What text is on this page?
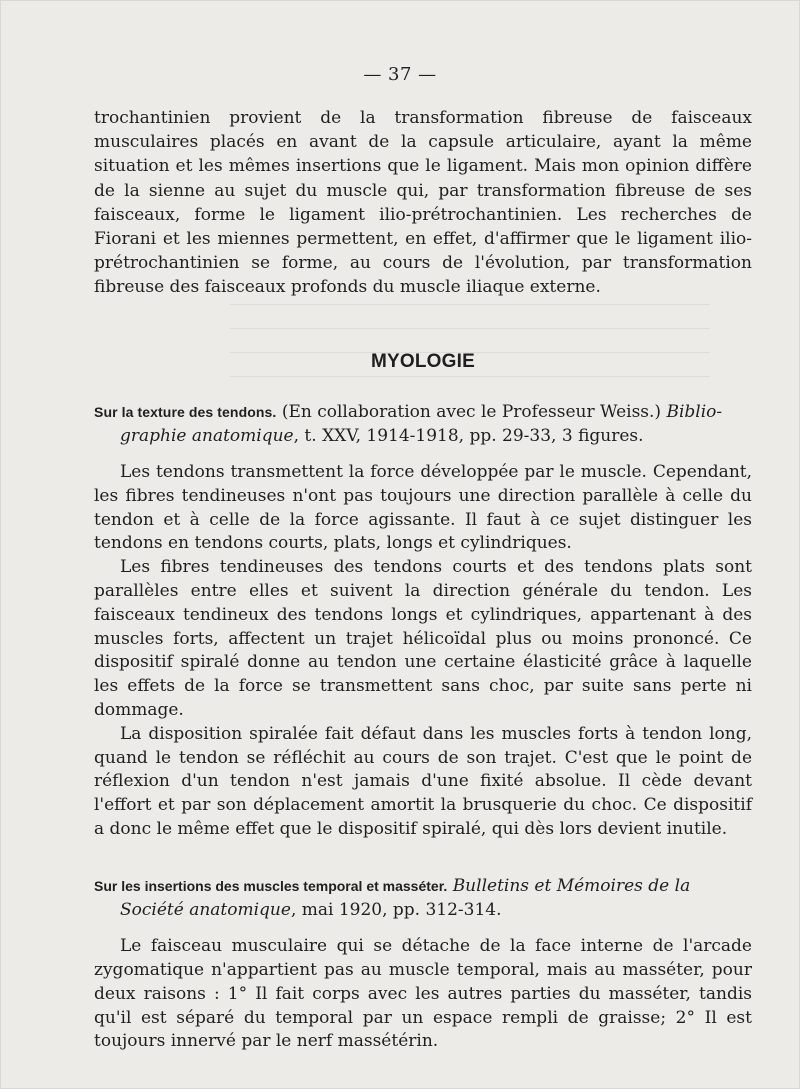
— 37 —

trochantinien provient de la transformation fibreuse de faisceaux musculaires placés en avant de la capsule articulaire, ayant la même situation et les mêmes insertions que le ligament. Mais mon opinion diffère de la sienne au sujet du muscle qui, par transformation fibreuse de ses faisceaux, forme le ligament ilio-prétrochantinien. Les recherches de Fiorani et les miennes permettent, en effet, d'affirmer que le ligament ilio-prétrochantinien se forme, au cours de l'évolution, par transformation fibreuse des faisceaux profonds du muscle iliaque externe.

MYOLOGIE

Sur la texture des tendons. (En collaboration avec le Professeur Weiss.) Biblio-
graphie anatomique, t. XXV, 1914-1918, pp. 29-33, 3 figures.

Les tendons transmettent la force développée par le muscle. Cependant, les fibres tendineuses n'ont pas toujours une direction parallèle à celle du tendon et à celle de la force agissante. Il faut à ce sujet distinguer les tendons en tendons courts, plats, longs et cylindriques.

Les fibres tendineuses des tendons courts et des tendons plats sont parallèles entre elles et suivent la direction générale du tendon. Les faisceaux tendineux des tendons longs et cylindriques, appartenant à des muscles forts, affectent un trajet hélicoïdal plus ou moins prononcé. Ce dispositif spiralé donne au tendon une certaine élasticité grâce à laquelle les effets de la force se transmettent sans choc, par suite sans perte ni dommage.

La disposition spiralée fait défaut dans les muscles forts à tendon long, quand le tendon se réfléchit au cours de son trajet. C'est que le point de réflexion d'un tendon n'est jamais d'une fixité absolue. Il cède devant l'effort et par son déplacement amortit la brusquerie du choc. Ce dispositif a donc le même effet que le dispositif spiralé, qui dès lors devient inutile.

Sur les insertions des muscles temporal et masséter. Bulletins et Mémoires de la
Société anatomique, mai 1920, pp. 312-314.

Le faisceau musculaire qui se détache de la face interne de l'arcade zygomatique n'appartient pas au muscle temporal, mais au masséter, pour deux raisons : 1° Il fait corps avec les autres parties du masséter, tandis qu'il est séparé du temporal par un espace rempli de graisse; 2° Il est toujours innervé par le nerf massétérin.
